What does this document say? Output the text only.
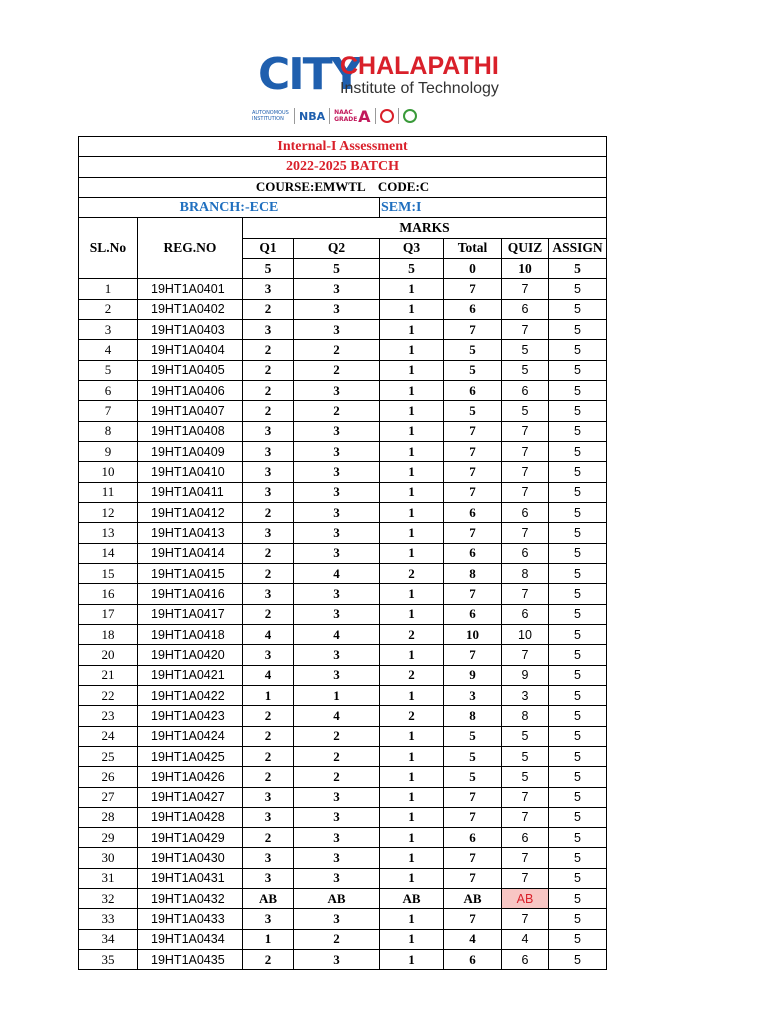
CITY
CHALAPATHI
Institute of Technology
AUTONOMOUS INSTITUTION	NBA NAAC GRADE A
Internal-I Assessment							
2022-2025 BATCH							
COURSE:EMWTL    CODE:C							
BRANCH:-ECE				SEM:I			
SL.No	REG.NO	MARKS					
		Q1	Q2	Q3	Total	QUIZ	ASSIGN
		5	5	5	0	10	5
1	19HT1A0401	3	3	1	7	7	5
2	19HT1A0402	2	3	1	6	6	5
3	19HT1A0403	3	3	1	7	7	5
4	19HT1A0404	2	2	1	5	5	5
5	19HT1A0405	2	2	1	5	5	5
6	19HT1A0406	2	3	1	6	6	5
7	19HT1A0407	2	2	1	5	5	5
8	19HT1A0408	3	3	1	7	7	5
9	19HT1A0409	3	3	1	7	7	5
10	19HT1A0410	3	3	1	7	7	5
11	19HT1A0411	3	3	1	7	7	5
12	19HT1A0412	2	3	1	6	6	5
13	19HT1A0413	3	3	1	7	7	5
14	19HT1A0414	2	3	1	6	6	5
15	19HT1A0415	2	4	2	8	8	5
16	19HT1A0416	3	3	1	7	7	5
17	19HT1A0417	2	3	1	6	6	5
18	19HT1A0418	4	4	2	10	10	5
20	19HT1A0420	3	3	1	7	7	5
21	19HT1A0421	4	3	2	9	9	5
22	19HT1A0422	1	1	1	3	3	5
23	19HT1A0423	2	4	2	8	8	5
24	19HT1A0424	2	2	1	5	5	5
25	19HT1A0425	2	2	1	5	5	5
26	19HT1A0426	2	2	1	5	5	5
27	19HT1A0427	3	3	1	7	7	5
28	19HT1A0428	3	3	1	7	7	5
29	19HT1A0429	2	3	1	6	6	5
30	19HT1A0430	3	3	1	7	7	5
31	19HT1A0431	3	3	1	7	7	5
32	19HT1A0432	AB	AB	AB	AB	AB	5
33	19HT1A0433	3	3	1	7	7	5
34	19HT1A0434	1	2	1	4	4	5
35	19HT1A0435	2	3	1	6	6	5
